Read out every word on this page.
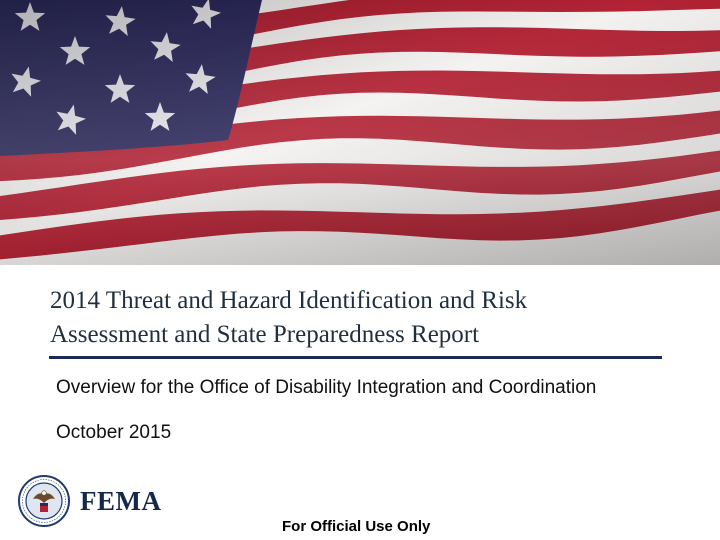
2014 Threat and Hazard Identification and Risk
Assessment and State Preparedness Report
Overview for the Office of Disability Integration and Coordination
October 2015
FEMA
For Official Use Only
